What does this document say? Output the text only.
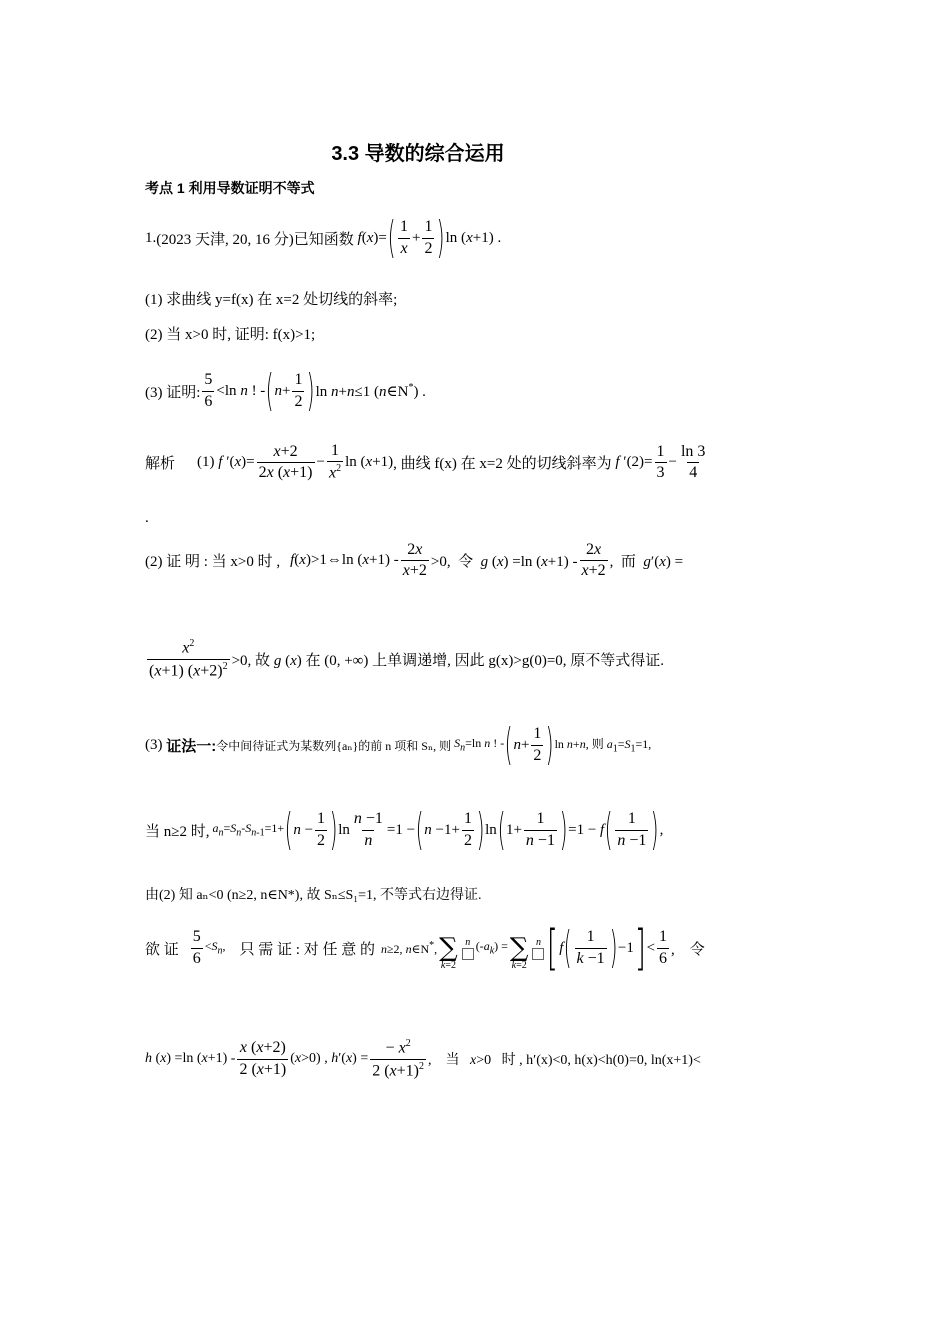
3.3 导数的综合运用
考点 1 利用导数证明不等式
1. (2023 天津, 20, 16 分) 已知函数 f(x)= ( $\frac{1}{x} + \frac{1}{2}$ ) ln (x+1) .
(1) 求曲线 y=f(x) 在 x=2 处切线的斜率;
(2) 当 x>0 时, 证明: f(x)>1;
(3) 证明: $\frac{5}{6} <\ln$ n ! - ( $n+ \frac{1}{2}$ ) ln n+n≤1 (n∈N*) .
解析 (1) f $'(x)= \frac{x+2}{2x (x+1)} - \frac{1}{x^2}$ ln (x+1) , 曲线 f(x) 在 x=2 处的切线斜率为 f $'(2)= \frac{1}{3} - \frac{\ln 3}{4}$
.
(2) 证 明 : 当 x>0 时 , f(x)>1⇔ln $(x+1) - \frac{2x}{x+2} >0$,  令  g (x) =ln $(x+1) - \frac{2x}{x+2}$ ,  而  g′(x) =
$\frac{x^2}{(x+1) (x+2)^2} >0$, 故 g (x) 在 (0, +∞) 上单调递增, 因此 g(x)>g(0)=0, 原不等式得证.
(3) 证法一: 令中间待证式为某数列{aₙ}的前 n 项和 Sₙ, 则 $S_n=\ln$ n ! - ( $n+ \frac{1}{2}$ ) ln n+n, 则 $a_1=S_1=1$,
当 n≥2 时, $a_n=S_n-S_{n-1}=1+$ ( $n - \frac{1}{2}$ ) $\ln \frac{n -1}{n} =1$ − ( $n -1+ \frac{1}{2}$ ) ln ( $1+ \frac{1}{n -1}$ ) =1 − f ( $\frac{1}{n -1}$ ) ,
由(2) 知 aₙ<0 (n≥2, n∈N*), 故 Sₙ≤S₁=1, 不等式右边得证.
欲 证 $\frac{5}{6} <S_n$, 只 需 证 : 对 任 意 的 n≥2, n∈N*,
∑
k=2
n $(-a_k)$ =
∑
k=2
n [ f ( $\frac{1}{k -1}$ ) −1 ] < $\frac{1}{6}$ ,    令
h (x) =ln $(x+1) - \frac{x (x+2)}{2 (x+1)} (x>0)$ , $h'(x) = \frac{- x^2}{2 (x+1)^2}$ ,    当   x>0 时 , h′(x)<0, h(x)<h(0)=0, ln(x+1)<
